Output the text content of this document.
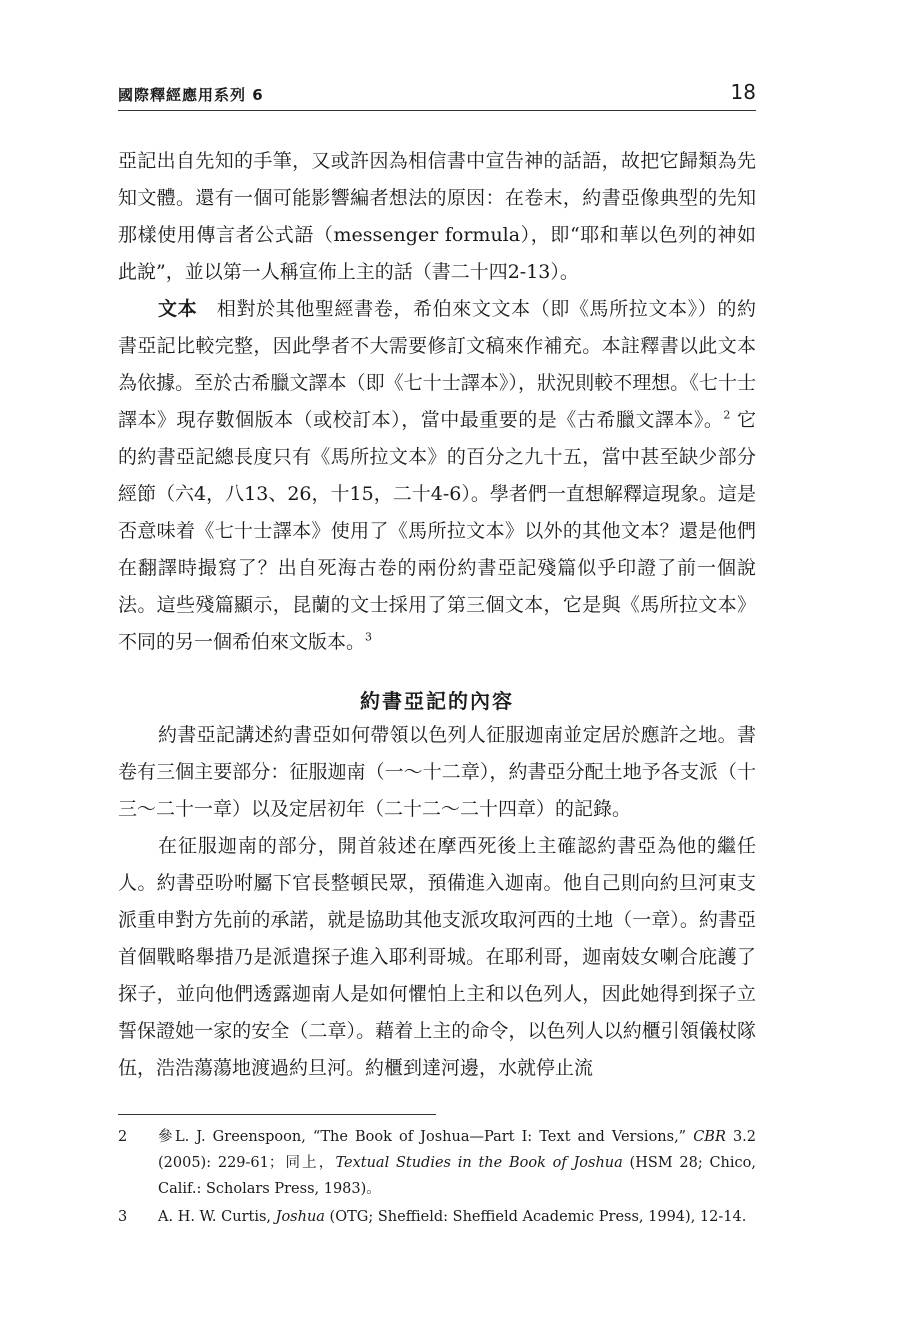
國際釋經應用系列 6	18

亞記出自先知的手筆，又或許因為相信書中宣告神的話語，故把它歸類為先知文體。還有一個可能影響編者想法的原因：在卷末，約書亞像典型的先知那樣使用傳言者公式語（messenger formula），即“耶和華以色列的神如此說”，並以第一人稱宣佈上主的話（書二十四2-13）。

文本　 相對於其他聖經書卷，希伯來文文本（即《馬所拉文本》）的約書亞記比較完整，因此學者不大需要修訂文稿來作補充。本註釋書以此文本為依據。至於古希臘文譯本（即《七十士譯本》），狀況則較不理想。《七十士譯本》現存數個版本（或校訂本），當中最重要的是《古希臘文譯本》。$^2$ 它的約書亞記總長度只有《馬所拉文本》的百分之九十五，當中甚至缺少部分經節（六4，八13、26，十15，二十4-6）。學者們一直想解釋這現象。這是否意味着《七十士譯本》使用了《馬所拉文本》以外的其他文本？還是他們在翻譯時撮寫了？出自死海古卷的兩份約書亞記殘篇似乎印證了前一個說法。這些殘篇顯示，昆蘭的文士採用了第三個文本，它是與《馬所拉文本》不同的另一個希伯來文版本。$^3$

約書亞記的內容

約書亞記講述約書亞如何帶領以色列人征服迦南並定居於應許之地。書卷有三個主要部分：征服迦南（一～十二章），約書亞分配土地予各支派（十三～二十一章）以及定居初年（二十二～二十四章）的記錄。

在征服迦南的部分，開首敍述在摩西死後上主確認約書亞為他的繼任人。約書亞吩咐屬下官長整頓民眾，預備進入迦南。他自己則向約旦河東支派重申對方先前的承諾，就是協助其他支派攻取河西的土地（一章）。約書亞首個戰略舉措乃是派遣探子進入耶利哥城。在耶利哥，迦南妓女喇合庇護了探子，並向他們透露迦南人是如何懼怕上主和以色列人，因此她得到探子立誓保證她一家的安全（二章）。藉着上主的命令，以色列人以約櫃引領儀杖隊伍，浩浩蕩蕩地渡過約旦河。約櫃到達河邊，水就停止流

2 參L. J. Greenspoon, “The Book of Joshua—Part I: Text and Versions,” CBR 3.2 (2005): 229-61；同上，Textual Studies in the Book of Joshua (HSM 28; Chico, Calif.: Scholars Press, 1983)。
3 A. H. W. Curtis, Joshua (OTG; Sheffield: Sheffield Academic Press, 1994), 12-14.
